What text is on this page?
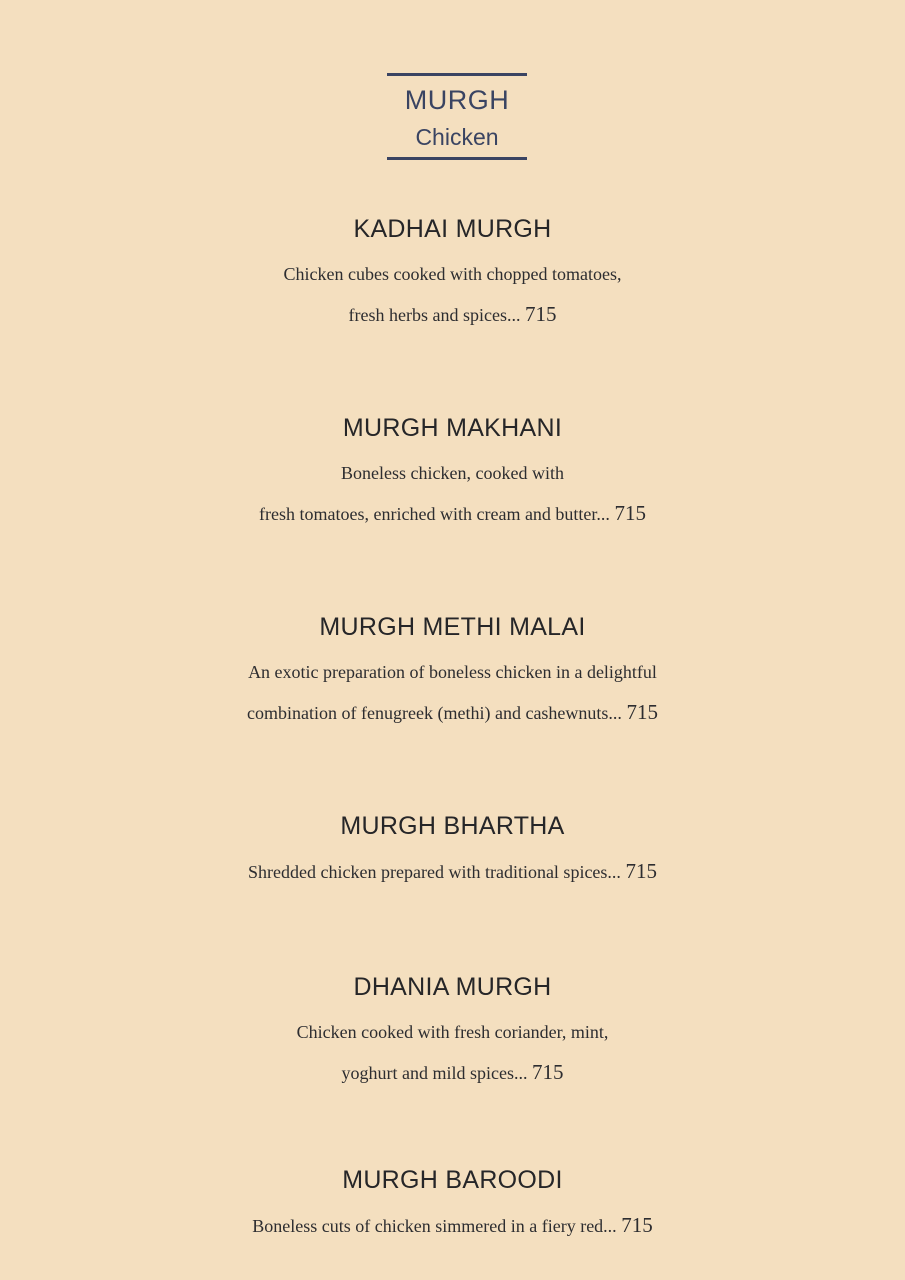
MURGH
Chicken
KADHAI MURGH
Chicken cubes cooked with chopped tomatoes,
fresh herbs and spices... 715
MURGH MAKHANI
Boneless chicken, cooked with
fresh tomatoes, enriched with cream and butter... 715
MURGH METHI MALAI
An exotic preparation of boneless chicken in a delightful
combination of fenugreek (methi) and cashewnuts... 715
MURGH BHARTHA
Shredded chicken prepared with traditional spices... 715
DHANIA MURGH
Chicken cooked with fresh coriander, mint,
yoghurt and mild spices... 715
MURGH BAROODI
Boneless cuts of chicken simmered in a fiery red... 715
